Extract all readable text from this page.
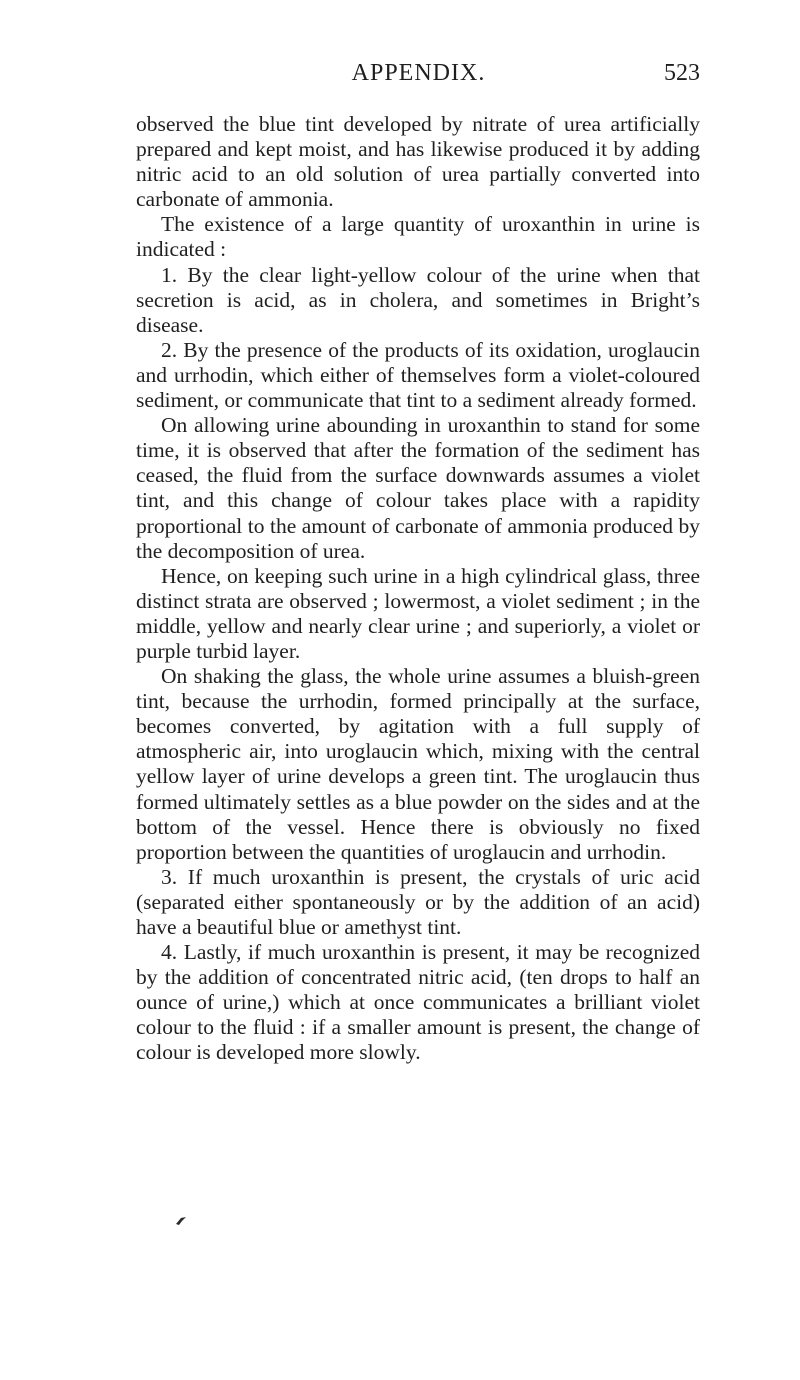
APPENDIX.	523

observed the blue tint developed by nitrate of urea artificially prepared and kept moist, and has likewise produced it by adding nitric acid to an old solution of urea partially converted into carbonate of ammonia.

The existence of a large quantity of uroxanthin in urine is indicated :

1. By the clear light-yellow colour of the urine when that secretion is acid, as in cholera, and sometimes in Bright’s disease.

2. By the presence of the products of its oxidation, uroglaucin and urrhodin, which either of themselves form a violet-coloured sediment, or communicate that tint to a sediment already formed.

On allowing urine abounding in uroxanthin to stand for some time, it is observed that after the formation of the sediment has ceased, the fluid from the surface downwards assumes a violet tint, and this change of colour takes place with a rapidity proportional to the amount of carbonate of ammonia produced by the decomposition of urea.

Hence, on keeping such urine in a high cylindrical glass, three distinct strata are observed ; lowermost, a violet sediment ; in the middle, yellow and nearly clear urine ; and superiorly, a violet or purple turbid layer.

On shaking the glass, the whole urine assumes a bluish-green tint, because the urrhodin, formed principally at the surface, becomes converted, by agitation with a full supply of atmospheric air, into uroglaucin which, mixing with the central yellow layer of urine develops a green tint. The uroglaucin thus formed ultimately settles as a blue powder on the sides and at the bottom of the vessel. Hence there is obviously no fixed proportion between the quantities of uroglaucin and urrhodin.

3. If much uroxanthin is present, the crystals of uric acid (separated either spontaneously or by the addition of an acid) have a beautiful blue or amethyst tint.

4. Lastly, if much uroxanthin is present, it may be recognized by the addition of concentrated nitric acid, (ten drops to half an ounce of urine,) which at once communicates a brilliant violet colour to the fluid : if a smaller amount is present, the change of colour is developed more slowly.
